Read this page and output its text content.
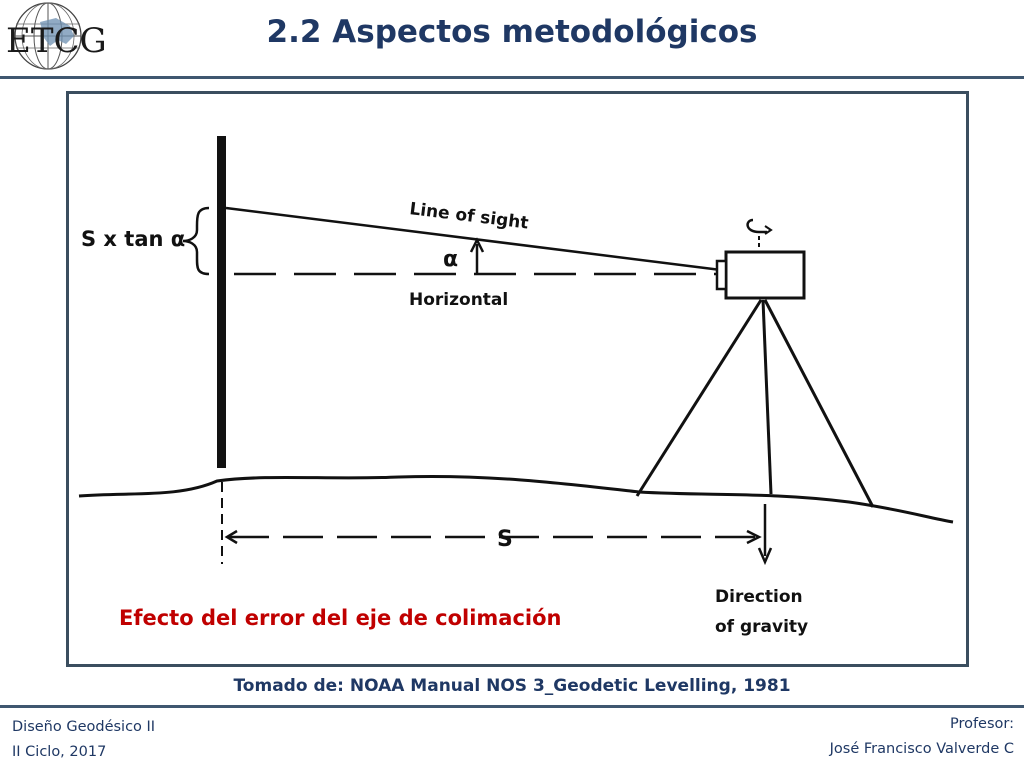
ETCG	2.2 Aspectos metodológicos
S x tan α
Line of sight
α
Horizontal
S
Direction
of gravity
Efecto del error del eje de colimación
Tomado de: NOAA Manual NOS 3_Geodetic Levelling, 1981
Diseño Geodésico II
II Ciclo, 2017
Profesor:
José Francisco Valverde C
